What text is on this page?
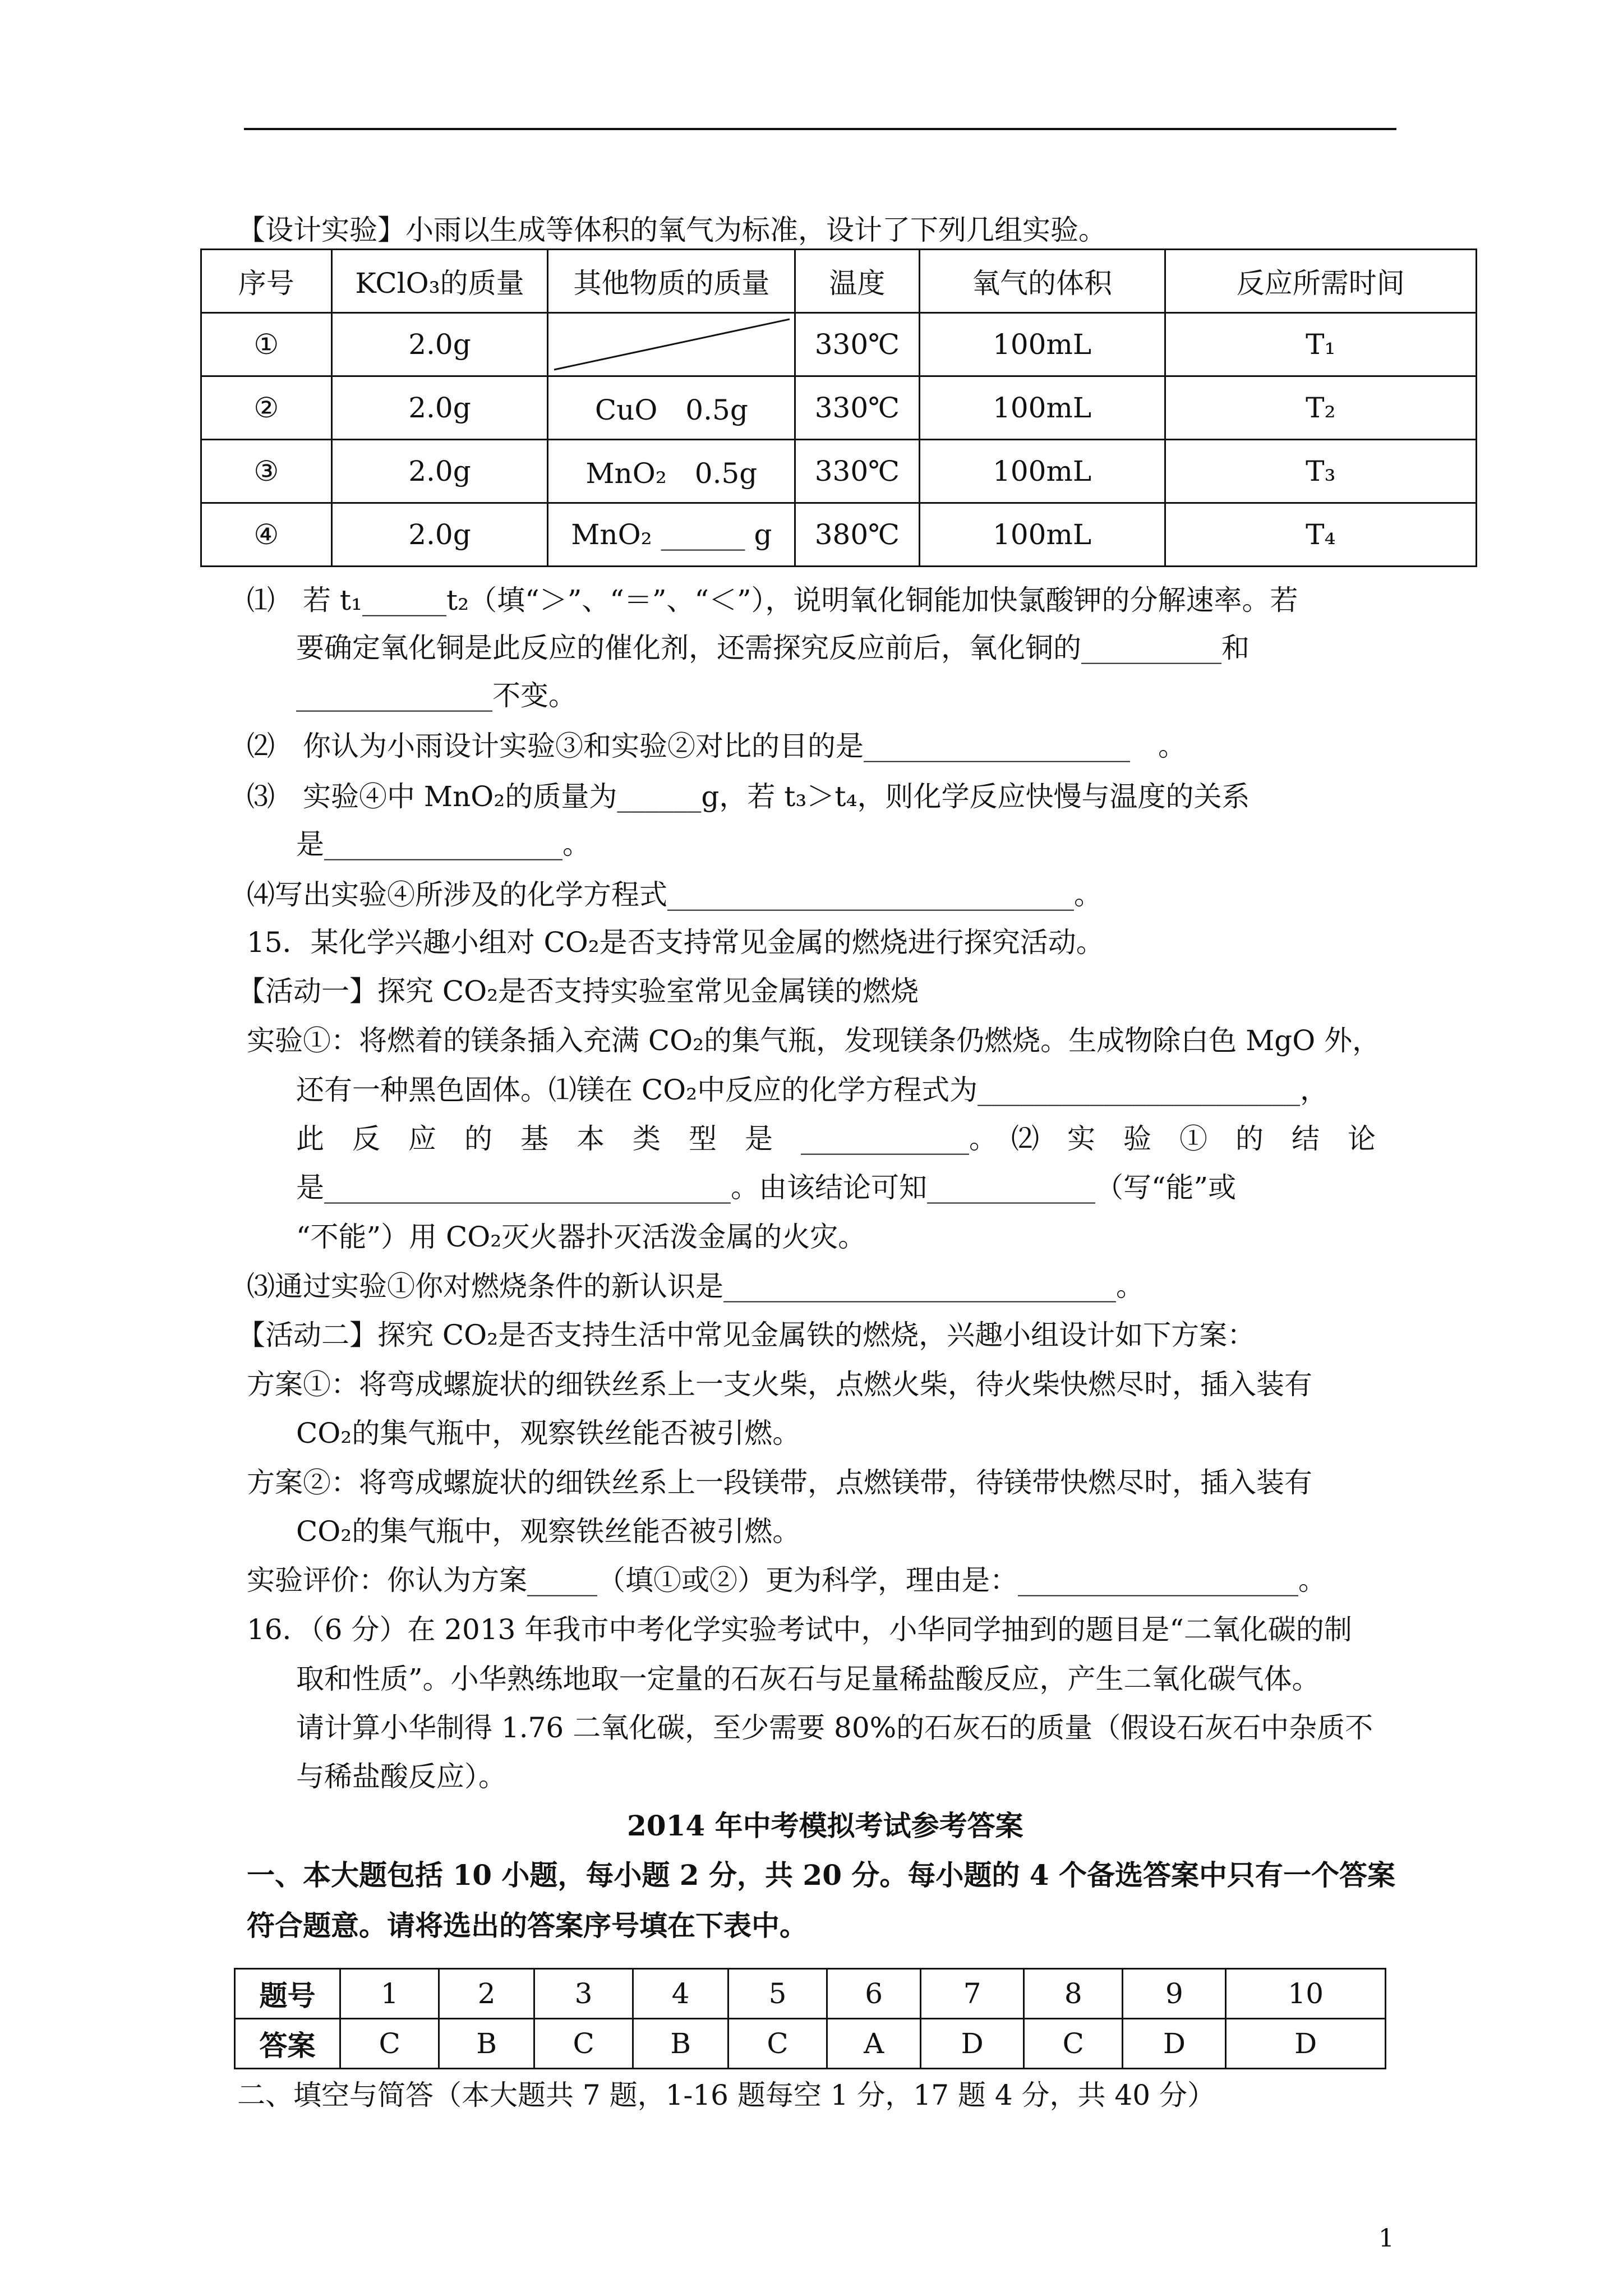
【设计实验】小雨以生成等体积的氧气为标准，设计了下列几组实验。
序号	KClO₃的质量	其他物质的质量	温度	氧气的体积	反应所需时间
①	2.0g		330℃	100mL	T₁
②	2.0g	CuO　0.5g	330℃	100mL	T₂
③	2.0g	MnO₂　0.5g	330℃	100mL	T₃
④	2.0g	MnO₂ ______ g	380℃	100mL	T₄
⑴　若 t₁______t₂（填“＞”、“＝”、“＜”），说明氧化铜能加快氯酸钾的分解速率。若
要确定氧化铜是此反应的催化剂，还需探究反应前后，氧化铜的__________和
______________不变。
⑵　你认为小雨设计实验③和实验②对比的目的是___________________　。
⑶　实验④中 MnO₂的质量为______g，若 t₃＞t₄，则化学反应快慢与温度的关系
是_________________。
⑷写出实验④所涉及的化学方程式_____________________________。
15．某化学兴趣小组对 CO₂是否支持常见金属的燃烧进行探究活动。
【活动一】探究 CO₂是否支持实验室常见金属镁的燃烧
实验①：将燃着的镁条插入充满 CO₂的集气瓶，发现镁条仍燃烧。生成物除白色 MgO 外，
还有一种黑色固体。⑴镁在 CO₂中反应的化学方程式为_______________________，
此　反　应　的　基　本　类　型　是　____________。　⑵　实　验　①　的　结　论
是_____________________________。由该结论可知____________（写“能”或
“不能”）用 CO₂灭火器扑灭活泼金属的火灾。
⑶通过实验①你对燃烧条件的新认识是____________________________。
【活动二】探究 CO₂是否支持生活中常见金属铁的燃烧，兴趣小组设计如下方案：
方案①：将弯成螺旋状的细铁丝系上一支火柴，点燃火柴，待火柴快燃尽时，插入装有
CO₂的集气瓶中，观察铁丝能否被引燃。
方案②：将弯成螺旋状的细铁丝系上一段镁带，点燃镁带，待镁带快燃尽时，插入装有
CO₂的集气瓶中，观察铁丝能否被引燃。
实验评价：你认为方案_____（填①或②）更为科学，理由是：____________________。
16．（6 分）在 2013 年我市中考化学实验考试中，小华同学抽到的题目是“二氧化碳的制
取和性质”。小华熟练地取一定量的石灰石与足量稀盐酸反应，产生二氧化碳气体。
请计算小华制得 1.76 二氧化碳，至少需要 80%的石灰石的质量（假设石灰石中杂质不
与稀盐酸反应）。
2014 年中考模拟考试参考答案
一、本大题包括 10 小题，每小题 2 分，共 20 分。每小题的 4 个备选答案中只有一个答案
符合题意。请将选出的答案序号填在下表中。
题号	1	2	3	4	5	6	7	8	9	10
答案	C	B	C	B	C	A	D	C	D	D
二、填空与简答（本大题共 7 题，1-16 题每空 1 分，17 题 4 分，共 40 分）
1
